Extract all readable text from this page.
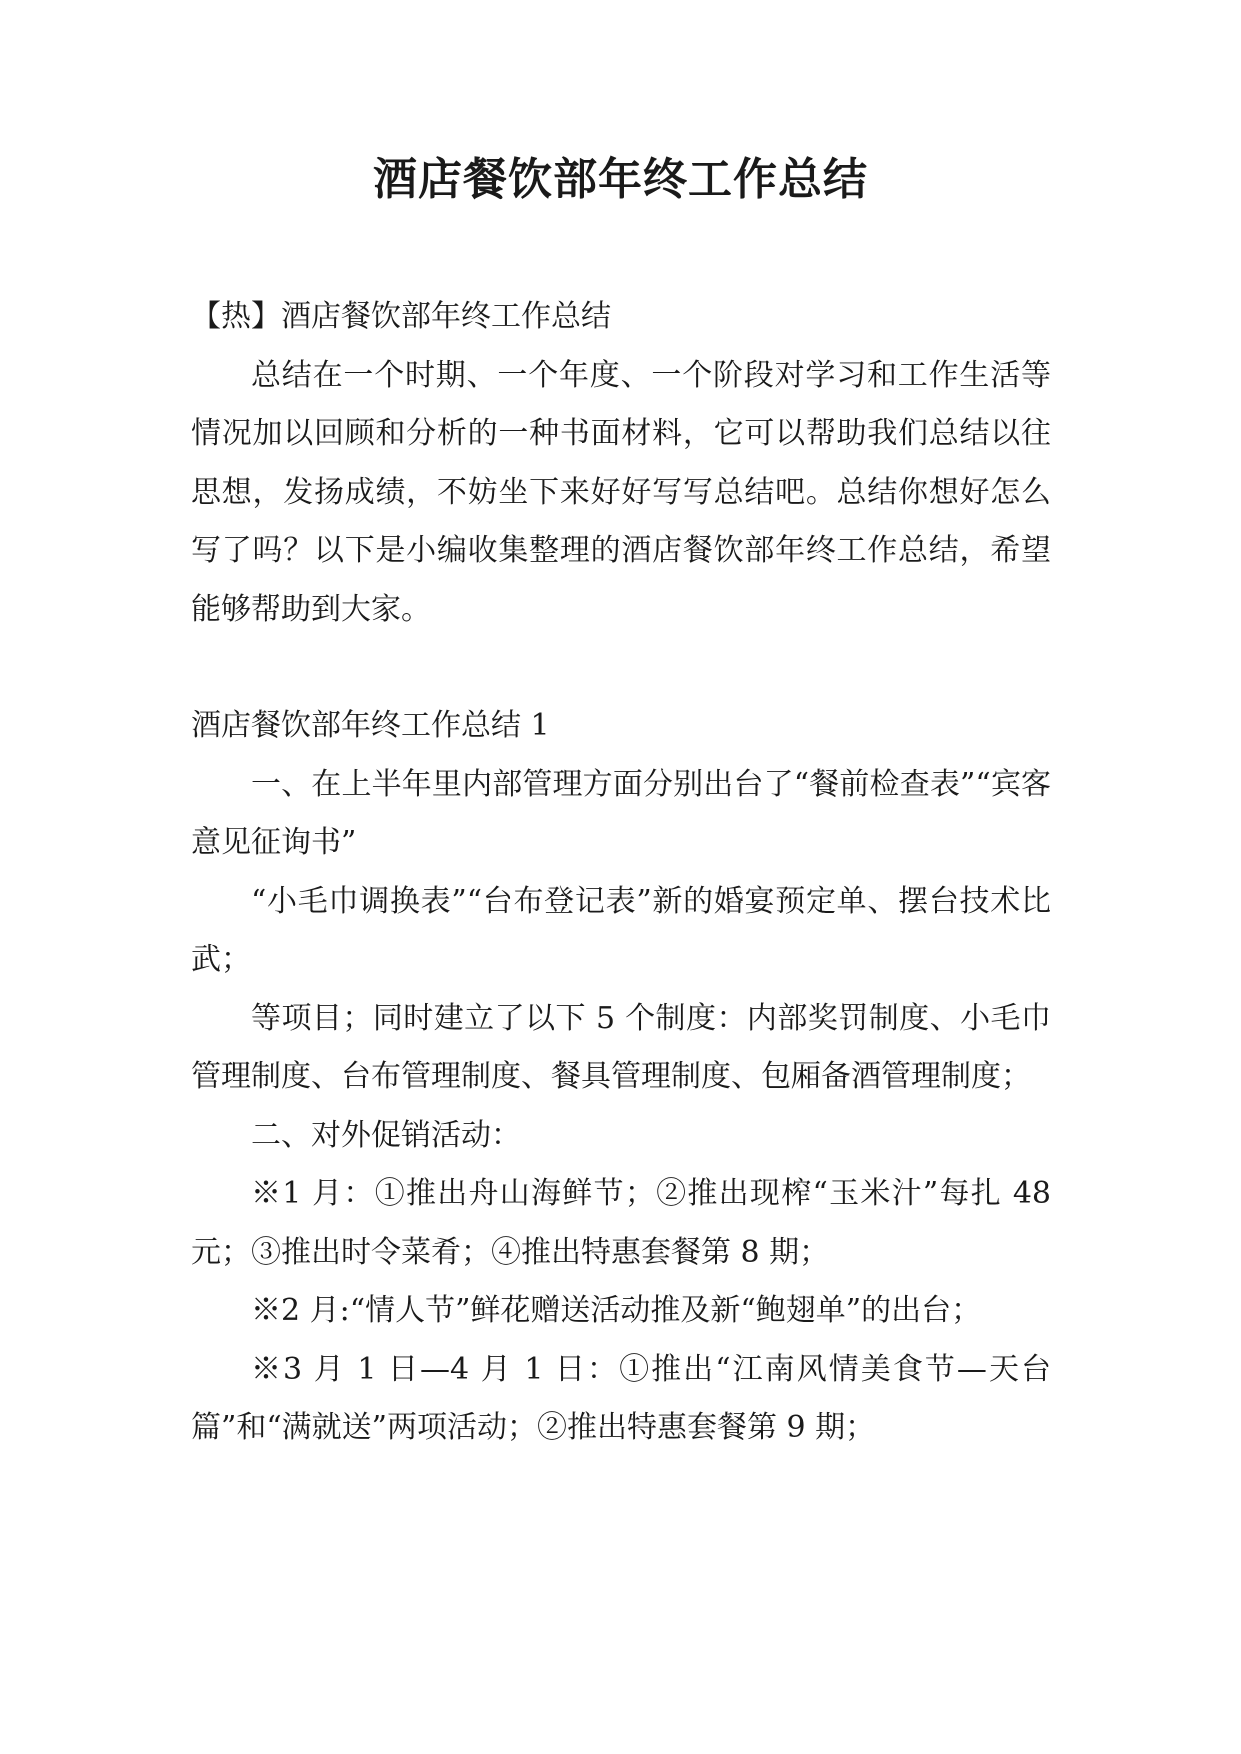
酒店餐饮部年终工作总结

【热】酒店餐饮部年终工作总结

总结在一个时期、一个年度、一个阶段对学习和工作生活等情况加以回顾和分析的一种书面材料，它可以帮助我们总结以往思想，发扬成绩，不妨坐下来好好写写总结吧。总结你想好怎么写了吗？以下是小编收集整理的酒店餐饮部年终工作总结，希望能够帮助到大家。

酒店餐饮部年终工作总结 1

一、在上半年里内部管理方面分别出台了“餐前检查表”“宾客意见征询书”

“小毛巾调换表”“台布登记表”新的婚宴预定单、摆台技术比武；

等项目；同时建立了以下 5 个制度：内部奖罚制度、小毛巾管理制度、台布管理制度、餐具管理制度、包厢备酒管理制度；

二、对外促销活动：

※1 月：①推出舟山海鲜节；②推出现榨“玉米汁”每扎 48 元；③推出时令菜肴；④推出特惠套餐第 8 期；

※2 月:“情人节”鲜花赠送活动推及新“鲍翅单”的出台；

※3 月 1 日—4 月 1 日：①推出“江南风情美食节—天台篇”和“满就送”两项活动；②推出特惠套餐第 9 期；
